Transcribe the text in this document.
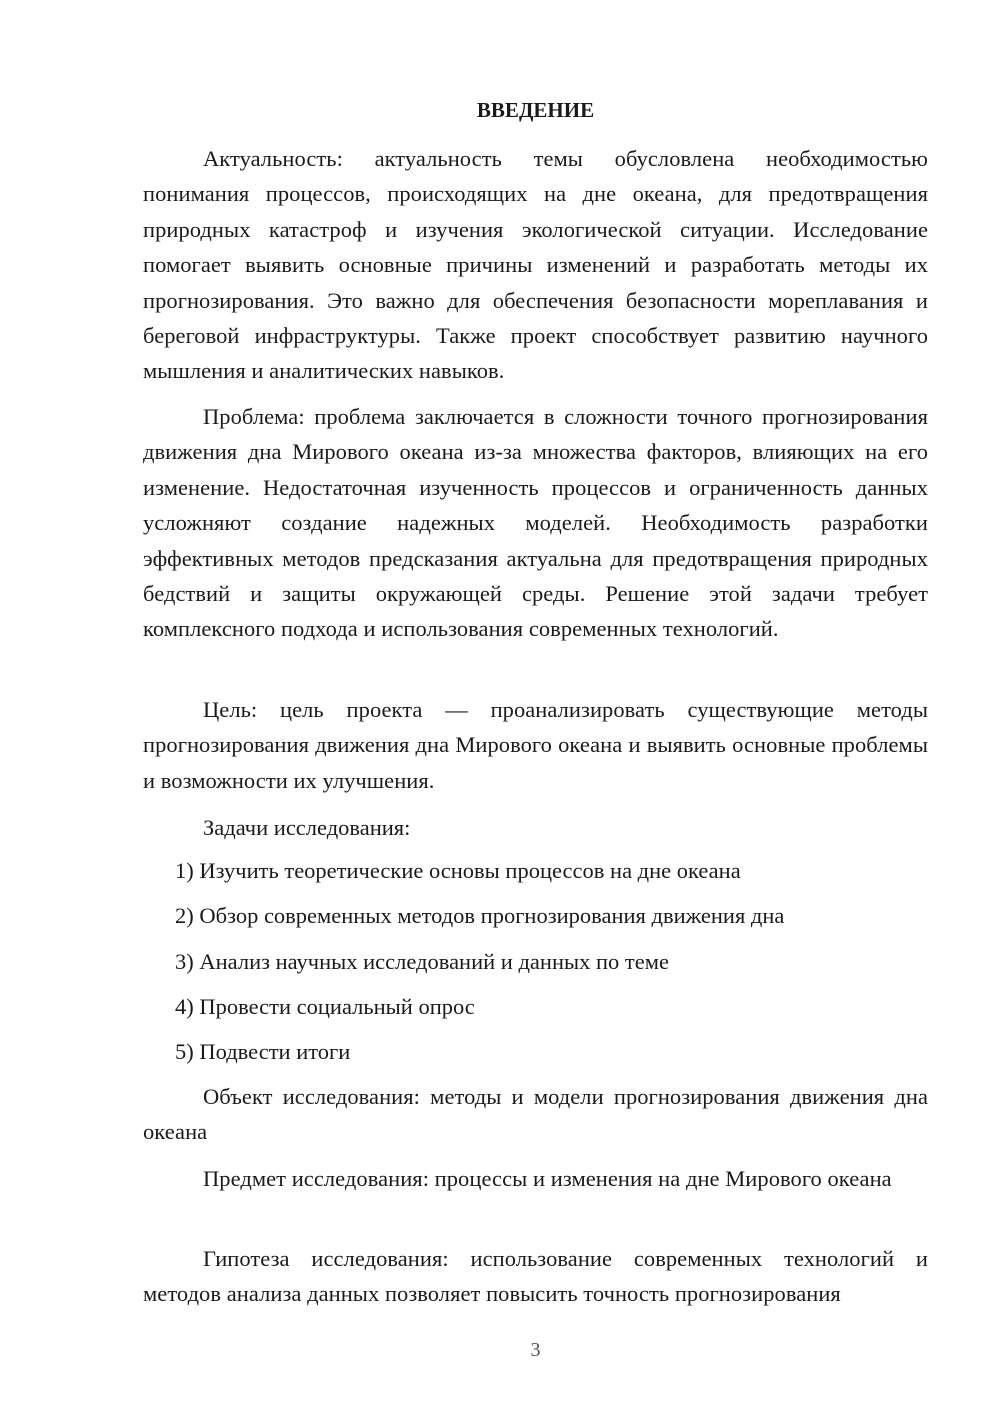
ВВЕДЕНИЕ

Актуальность: актуальность темы обусловлена необходимостью понимания процессов, происходящих на дне океана, для предотвращения природных катастроф и изучения экологической ситуации. Исследование помогает выявить основные причины изменений и разработать методы их прогнозирования. Это важно для обеспечения безопасности мореплавания и береговой инфраструктуры. Также проект способствует развитию научного мышления и аналитических навыков.

Проблема: проблема заключается в сложности точного прогнозирования движения дна Мирового океана из-за множества факторов, влияющих на его изменение. Недостаточная изученность процессов и ограниченность данных усложняют создание надежных моделей. Необходимость разработки эффективных методов предсказания актуальна для предотвращения природных бедствий и защиты окружающей среды. Решение этой задачи требует комплексного подхода и использования современных технологий.

Цель: цель проекта — проанализировать существующие методы прогнозирования движения дна Мирового океана и выявить основные проблемы и возможности их улучшения.

Задачи исследования:
1) Изучить теоретические основы процессов на дне океана
2) Обзор современных методов прогнозирования движения дна
3) Анализ научных исследований и данных по теме
4) Провести социальный опрос
5) Подвести итоги

Объект исследования: методы и модели прогнозирования движения дна океана

Предмет исследования: процессы и изменения на дне Мирового океана

Гипотеза исследования: использование современных технологий и методов анализа данных позволяет повысить точность прогнозирования

3
